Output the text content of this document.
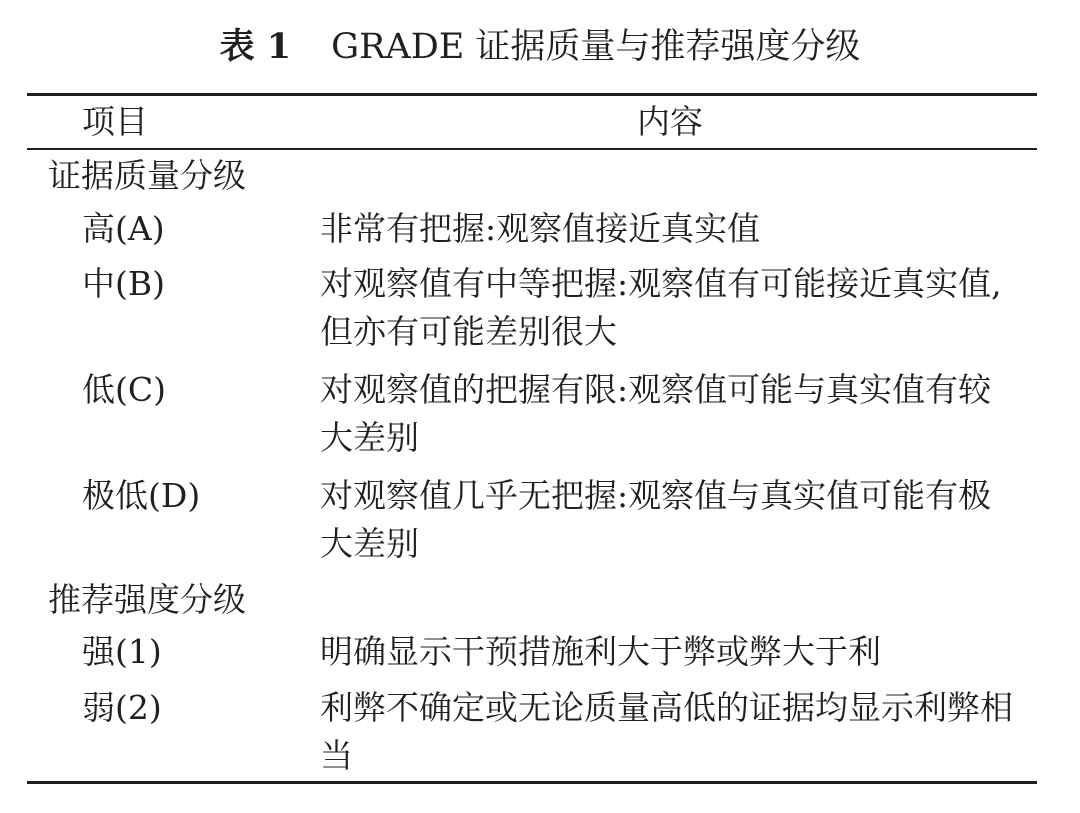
表 1 GRADE 证据质量与推荐强度分级
项目	内容
证据质量分级
高(A)	非常有把握:观察值接近真实值
中(B)	对观察值有中等把握:观察值有可能接近真实值,但亦有可能差别很大
低(C)	对观察值的把握有限:观察值可能与真实值有较大差别
极低(D)	对观察值几乎无把握:观察值与真实值可能有极大差别
推荐强度分级
强(1)	明确显示干预措施利大于弊或弊大于利
弱(2)	利弊不确定或无论质量高低的证据均显示利弊相当
